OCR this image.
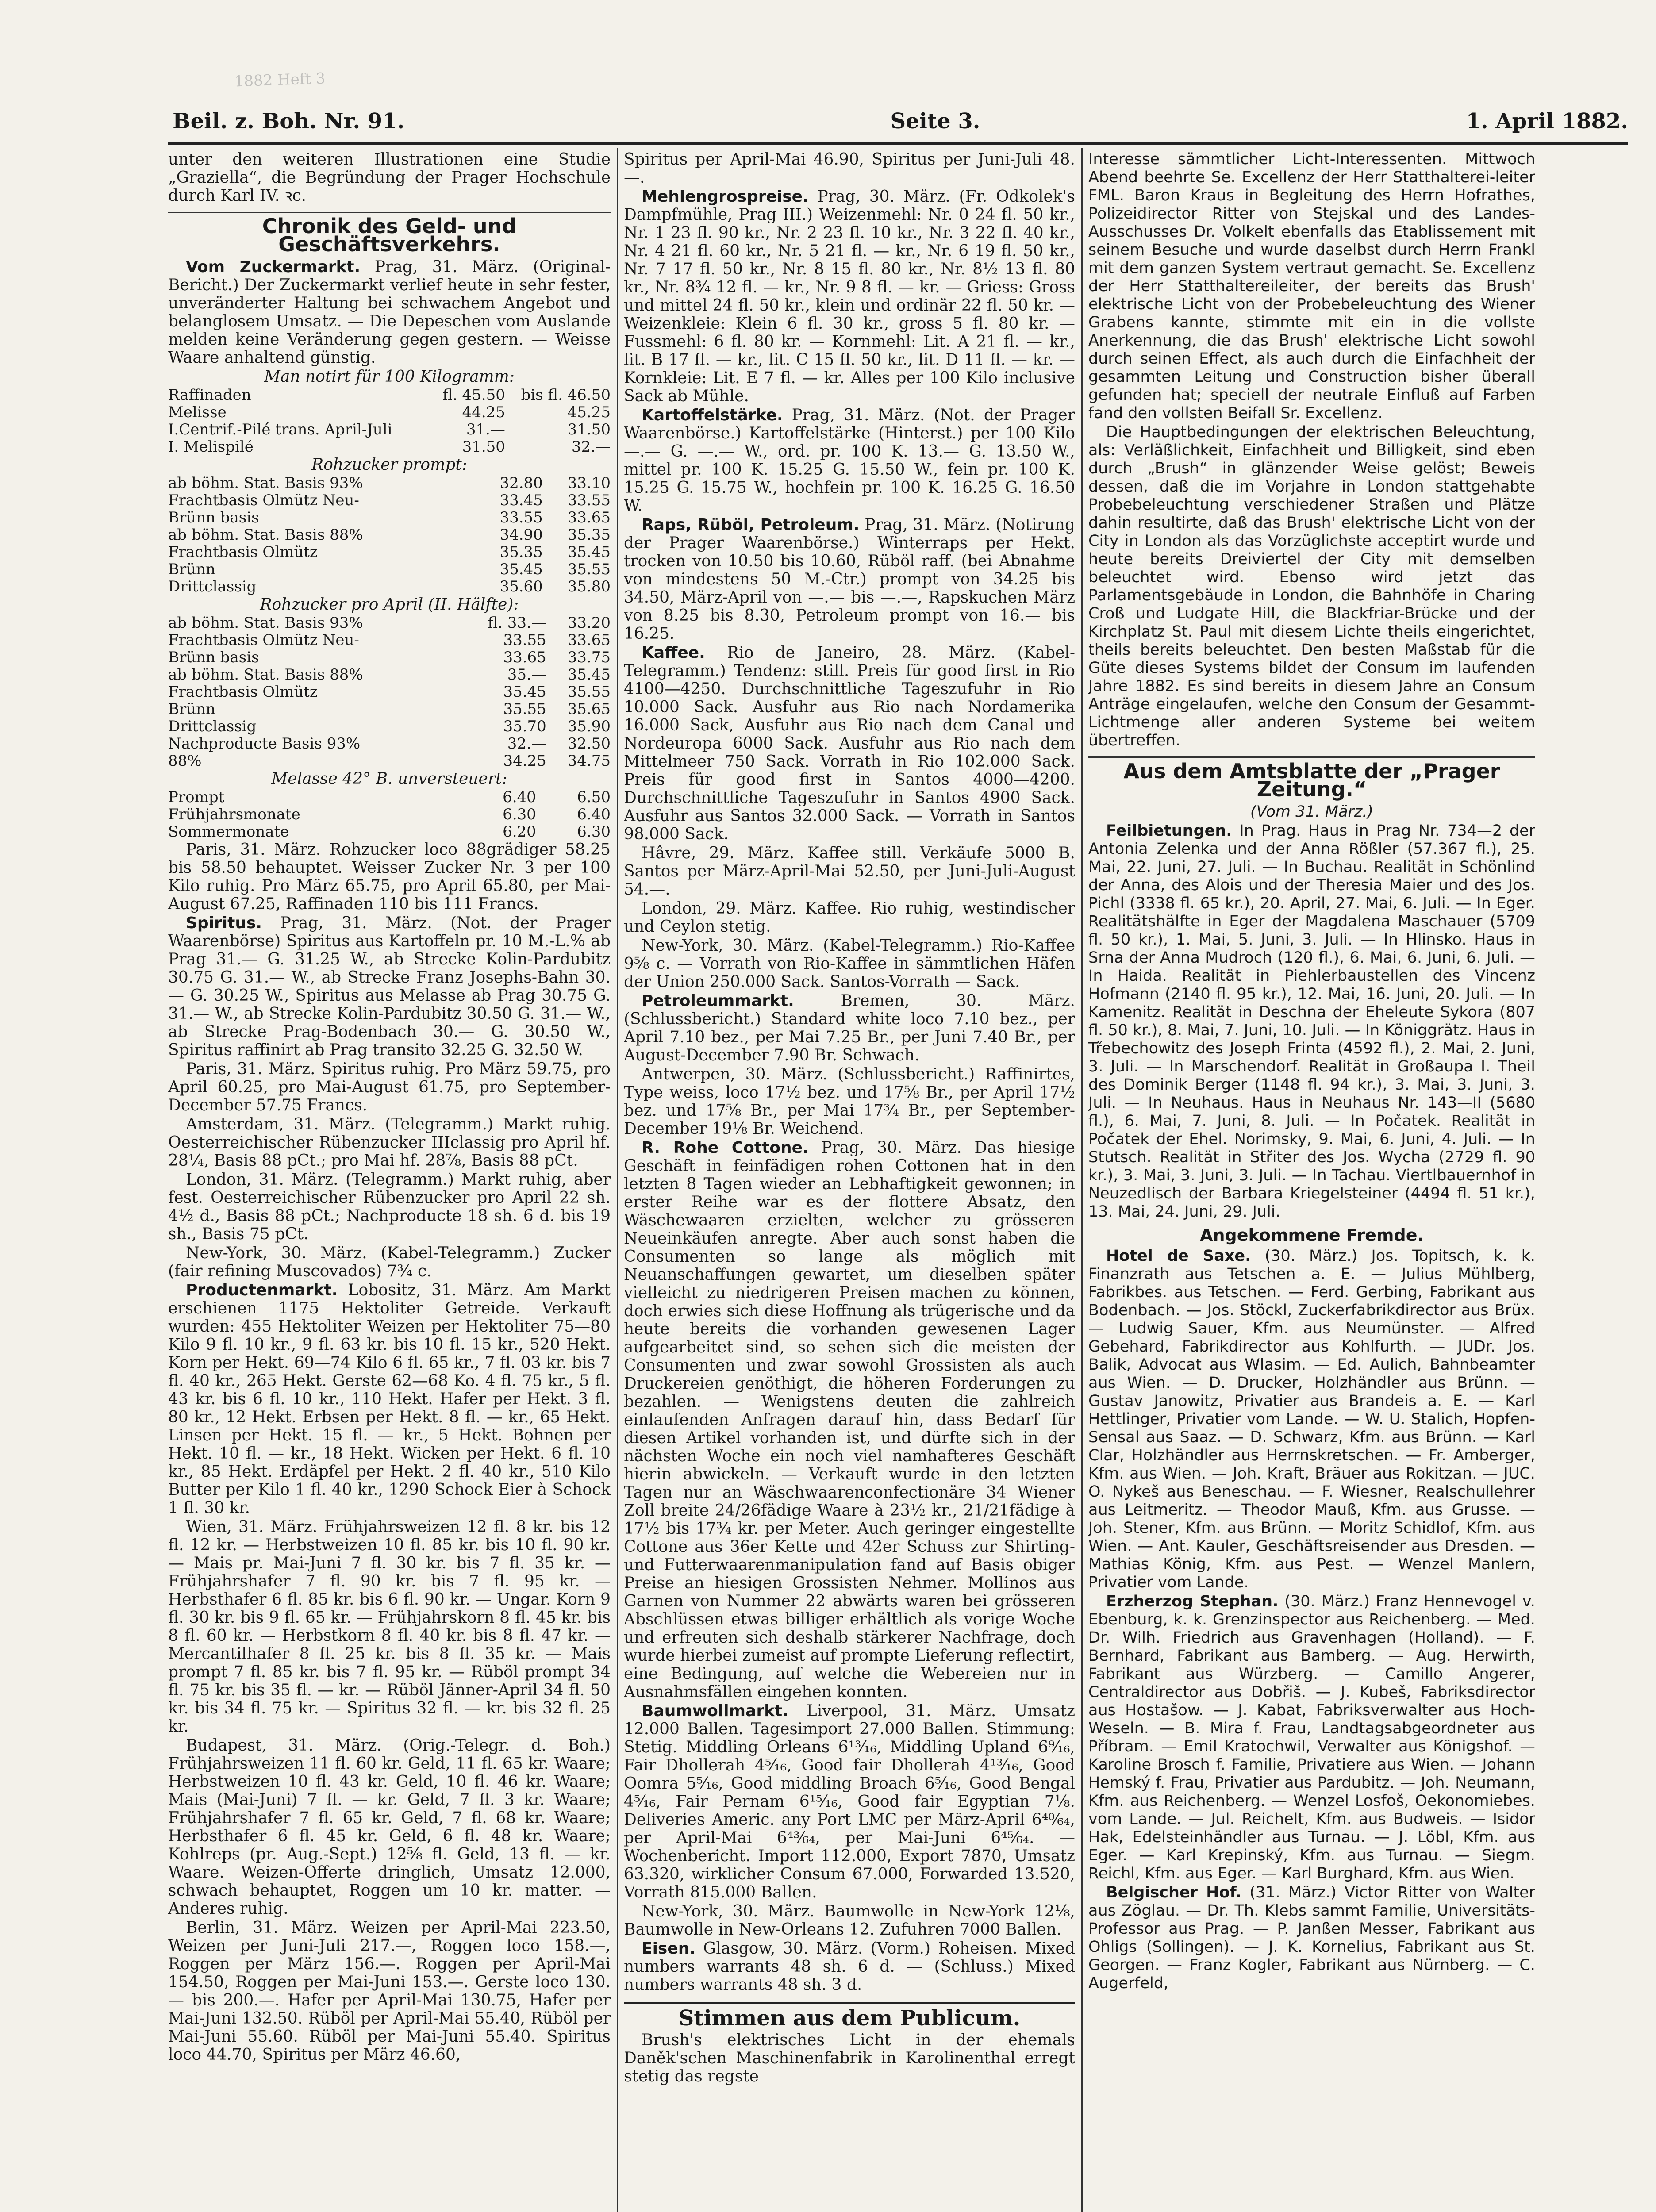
1882 Heft 3
Beil. z. Boh. Nr. 91.	Seite 3.	1. April 1882.

unter den weiteren Illustrationen eine Studie „Graziella“, die Begründung der Prager Hochschule durch Karl IV. ꝛc.

Chronik des Geld- und Geschäftsverkehrs.

Vom Zuckermarkt. Prag, 31. März. (Original-Bericht.) Der Zuckermarkt verlief heute in sehr fester, unveränderter Haltung bei schwachem Angebot und belanglosem Umsatz. — Die Depeschen vom Auslande melden keine Veränderung gegen gestern. — Weisse Waare anhaltend günstig.

Man notirt für 100 Kilogramm:

Raffinaden	fl. 45.50	bis fl. 46.50
Melisse	44.25	45.25
I.Centrif.-Pilé trans. April-Juli	31.—	31.50
I. Melispilé	31.50	32.—

Rohzucker prompt:

ab böhm. Stat. Basis 93%	32.80	33.10
Frachtbasis Olmütz Neu-	33.45	33.55
Brünn basis	33.55	33.65
ab böhm. Stat. Basis 88%	34.90	35.35
Frachtbasis Olmütz	35.35	35.45
Brünn	35.45	35.55
Drittclassig	35.60	35.80

Rohzucker pro April (II. Hälfte):

ab böhm. Stat. Basis 93%	fl. 33.—	33.20
Frachtbasis Olmütz Neu-	33.55	33.65
Brünn basis	33.65	33.75
ab böhm. Stat. Basis 88%	35.—	35.45
Frachtbasis Olmütz	35.45	35.55
Brünn	35.55	35.65
Drittclassig	35.70	35.90
Nachproducte Basis 93%	32.—	32.50
88%	34.25	34.75

Melasse 42° B. unversteuert:

Prompt	6.40	6.50
Frühjahrsmonate	6.30	6.40
Sommermonate	6.20	6.30

Paris, 31. März. Rohzucker loco 88grädiger 58.25 bis 58.50 behauptet. Weisser Zucker Nr. 3 per 100 Kilo ruhig. Pro März 65.75, pro April 65.80, per Mai-August 67.25, Raffinaden 110 bis 111 Francs.

Spiritus. Prag, 31. März. (Not. der Prager Waarenbörse) Spiritus aus Kartoffeln pr. 10 M.-L.% ab Prag 31.— G. 31.25 W., ab Strecke Kolin-Pardubitz 30.75 G. 31.— W., ab Strecke Franz Josephs-Bahn 30.— G. 30.25 W., Spiritus aus Melasse ab Prag 30.75 G. 31.— W., ab Strecke Kolin-Pardubitz 30.50 G. 31.— W., ab Strecke Prag-Bodenbach 30.— G. 30.50 W., Spiritus raffinirt ab Prag transito 32.25 G. 32.50 W.

Paris, 31. März. Spiritus ruhig. Pro März 59.75, pro April 60.25, pro Mai-August 61.75, pro September-December 57.75 Francs.

Amsterdam, 31. März. (Telegramm.) Markt ruhig. Oesterreichischer Rübenzucker IIIclassig pro April hf. 28¼, Basis 88 pCt.; pro Mai hf. 28⅞, Basis 88 pCt.

London, 31. März. (Telegramm.) Markt ruhig, aber fest. Oesterreichischer Rübenzucker pro April 22 sh. 4½ d., Basis 88 pCt.; Nachproducte 18 sh. 6 d. bis 19 sh., Basis 75 pCt.

New-York, 30. März. (Kabel-Telegramm.) Zucker (fair refining Muscovados) 7¾ c.

Productenmarkt. Lobositz, 31. März. Am Markt erschienen 1175 Hektoliter Getreide. Verkauft wurden: 455 Hektoliter Weizen per Hektoliter 75—80 Kilo 9 fl. 10 kr., 9 fl. 63 kr. bis 10 fl. 15 kr., 520 Hekt. Korn per Hekt. 69—74 Kilo 6 fl. 65 kr., 7 fl. 03 kr. bis 7 fl. 40 kr., 265 Hekt. Gerste 62—68 Ko. 4 fl. 75 kr., 5 fl. 43 kr. bis 6 fl. 10 kr., 110 Hekt. Hafer per Hekt. 3 fl. 80 kr., 12 Hekt. Erbsen per Hekt. 8 fl. — kr., 65 Hekt. Linsen per Hekt. 15 fl. — kr., 5 Hekt. Bohnen per Hekt. 10 fl. — kr., 18 Hekt. Wicken per Hekt. 6 fl. 10 kr., 85 Hekt. Erdäpfel per Hekt. 2 fl. 40 kr., 510 Kilo Butter per Kilo 1 fl. 40 kr., 1290 Schock Eier à Schock 1 fl. 30 kr.

Wien, 31. März. Frühjahrsweizen 12 fl. 8 kr. bis 12 fl. 12 kr. — Herbstweizen 10 fl. 85 kr. bis 10 fl. 90 kr. — Mais pr. Mai-Juni 7 fl. 30 kr. bis 7 fl. 35 kr. — Frühjahrshafer 7 fl. 90 kr. bis 7 fl. 95 kr. — Herbsthafer 6 fl. 85 kr. bis 6 fl. 90 kr. — Ungar. Korn 9 fl. 30 kr. bis 9 fl. 65 kr. — Frühjahrskorn 8 fl. 45 kr. bis 8 fl. 60 kr. — Herbstkorn 8 fl. 40 kr. bis 8 fl. 47 kr. — Mercantilhafer 8 fl. 25 kr. bis 8 fl. 35 kr. — Mais prompt 7 fl. 85 kr. bis 7 fl. 95 kr. — Rüböl prompt 34 fl. 75 kr. bis 35 fl. — kr. — Rüböl Jänner-April 34 fl. 50 kr. bis 34 fl. 75 kr. — Spiritus 32 fl. — kr. bis 32 fl. 25 kr.

Budapest, 31. März. (Orig.-Telegr. d. Boh.) Frühjahrsweizen 11 fl. 60 kr. Geld, 11 fl. 65 kr. Waare; Herbstweizen 10 fl. 43 kr. Geld, 10 fl. 46 kr. Waare; Mais (Mai-Juni) 7 fl. — kr. Geld, 7 fl. 3 kr. Waare; Frühjahrshafer 7 fl. 65 kr. Geld, 7 fl. 68 kr. Waare; Herbsthafer 6 fl. 45 kr. Geld, 6 fl. 48 kr. Waare; Kohlreps (pr. Aug.-Sept.) 12⅝ fl. Geld, 13 fl. — kr. Waare. Weizen-Offerte dringlich, Umsatz 12.000, schwach behauptet, Roggen um 10 kr. matter. — Anderes ruhig.

Berlin, 31. März. Weizen per April-Mai 223.50, Weizen per Juni-Juli 217.—, Roggen loco 158.—, Roggen per März 156.—. Roggen per April-Mai 154.50, Roggen per Mai-Juni 153.—. Gerste loco 130.— bis 200.—. Hafer per April-Mai 130.75, Hafer per Mai-Juni 132.50. Rüböl per April-Mai 55.40, Rüböl per Mai-Juni 55.60. Rüböl per Mai-Juni 55.40. Spiritus loco 44.70, Spiritus per März 46.60,

Spiritus per April-Mai 46.90, Spiritus per Juni-Juli 48.—.

Mehlengrospreise. Prag, 30. März. (Fr. Odkolek's Dampfmühle, Prag III.) Weizenmehl: Nr. 0 24 fl. 50 kr., Nr. 1 23 fl. 90 kr., Nr. 2 23 fl. 10 kr., Nr. 3 22 fl. 40 kr., Nr. 4 21 fl. 60 kr., Nr. 5 21 fl. — kr., Nr. 6 19 fl. 50 kr., Nr. 7 17 fl. 50 kr., Nr. 8 15 fl. 80 kr., Nr. 8½ 13 fl. 80 kr., Nr. 8¾ 12 fl. — kr., Nr. 9 8 fl. — kr. — Griess: Gross und mittel 24 fl. 50 kr., klein und ordinär 22 fl. 50 kr. — Weizenkleie: Klein 6 fl. 30 kr., gross 5 fl. 80 kr. — Fussmehl: 6 fl. 80 kr. — Kornmehl: Lit. A 21 fl. — kr., lit. B 17 fl. — kr., lit. C 15 fl. 50 kr., lit. D 11 fl. — kr. — Kornkleie: Lit. E 7 fl. — kr. Alles per 100 Kilo inclusive Sack ab Mühle.

Kartoffelstärke. Prag, 31. März. (Not. der Prager Waarenbörse.) Kartoffelstärke (Hinterst.) per 100 Kilo —.— G. —.— W., ord. pr. 100 K. 13.— G. 13.50 W., mittel pr. 100 K. 15.25 G. 15.50 W., fein pr. 100 K. 15.25 G. 15.75 W., hochfein pr. 100 K. 16.25 G. 16.50 W.

Raps, Rüböl, Petroleum. Prag, 31. März. (Notirung der Prager Waarenbörse.) Winterraps per Hekt. trocken von 10.50 bis 10.60, Rüböl raff. (bei Abnahme von mindestens 50 M.-Ctr.) prompt von 34.25 bis 34.50, März-April von —.— bis —.—, Rapskuchen März von 8.25 bis 8.30, Petroleum prompt von 16.— bis 16.25.

Kaffee. Rio de Janeiro, 28. März. (Kabel-Telegramm.) Tendenz: still. Preis für good first in Rio 4100—4250. Durchschnittliche Tageszufuhr in Rio 10.000 Sack. Ausfuhr aus Rio nach Nordamerika 16.000 Sack, Ausfuhr aus Rio nach dem Canal und Nordeuropa 6000 Sack. Ausfuhr aus Rio nach dem Mittelmeer 750 Sack. Vorrath in Rio 102.000 Sack. Preis für good first in Santos 4000—4200. Durchschnittliche Tageszufuhr in Santos 4900 Sack. Ausfuhr aus Santos 32.000 Sack. — Vorrath in Santos 98.000 Sack.

Hâvre, 29. März. Kaffee still. Verkäufe 5000 B. Santos per März-April-Mai 52.50, per Juni-Juli-August 54.—.

London, 29. März. Kaffee. Rio ruhig, westindischer und Ceylon stetig.

New-York, 30. März. (Kabel-Telegramm.) Rio-Kaffee 9⅝ c. — Vorrath von Rio-Kaffee in sämmtlichen Häfen der Union 250.000 Sack. Santos-Vorrath — Sack.

Petroleummarkt.	Bremen, 30. März. (Schlussbericht.) Standard white loco 7.10 bez., per April 7.10 bez., per Mai 7.25 Br., per Juni 7.40 Br., per August-December 7.90 Br. Schwach.

Antwerpen, 30. März. (Schlussbericht.) Raffinirtes, Type weiss, loco 17½ bez. und 17⅝ Br., per April 17½ bez. und 17⅝ Br., per Mai 17¾ Br., per September-December 19⅛ Br. Weichend.

R. Rohe Cottone. Prag, 30. März. Das hiesige Geschäft in feinfädigen rohen Cottonen hat in den letzten 8 Tagen wieder an Lebhaftigkeit gewonnen; in erster Reihe war es der flottere Absatz, den Wäschewaaren erzielten, welcher zu grösseren Neueinkäufen anregte. Aber auch sonst haben die Consumenten so lange als möglich mit Neuanschaffungen gewartet, um dieselben später vielleicht zu niedrigeren Preisen machen zu können, doch erwies sich diese Hoffnung als trügerische und da heute bereits die vorhanden gewesenen Lager aufgearbeitet sind, so sehen sich die meisten der Consumenten und zwar sowohl Grossisten als auch Druckereien genöthigt, die höheren Forderungen zu bezahlen. — Wenigstens deuten die zahlreich einlaufenden Anfragen darauf hin, dass Bedarf für diesen Artikel vorhanden ist, und dürfte sich in der nächsten Woche ein noch viel namhafteres Geschäft hierin abwickeln. — Verkauft wurde in den letzten Tagen nur an Wäschwaarenconfectionäre 34 Wiener Zoll breite 24/26fädige Waare à 23½ kr., 21/21fädige à 17½ bis 17¾ kr. per Meter. Auch geringer eingestellte Cottone aus 36er Kette und 42er Schuss zur Shirting- und Futterwaarenmanipulation fand auf Basis obiger Preise an hiesigen Grossisten Nehmer. Mollinos aus Garnen von Nummer 22 abwärts waren bei grösseren Abschlüssen etwas billiger erhältlich als vorige Woche und erfreuten sich deshalb stärkerer Nachfrage, doch wurde hierbei zumeist auf prompte Lieferung reflectirt, eine Bedingung, auf welche die Webereien nur in Ausnahmsfällen eingehen konnten.

Baumwollmarkt. Liverpool, 31. März. Umsatz 12.000 Ballen. Tagesimport 27.000 Ballen. Stimmung: Stetig. Middling Orleans 6¹³⁄₁₆, Middling Upland 6⁹⁄₁₆, Fair Dhollerah 4⁵⁄₁₆, Good fair Dhollerah 4¹³⁄₁₆, Good Oomra 5⁵⁄₁₆, Good middling Broach 6⁵⁄₁₆, Good Bengal 4⁵⁄₁₆, Fair Pernam 6¹⁵⁄₁₆, Good fair Egyptian 7⅛. Deliveries Americ. any Port LMC per März-April 6⁴⁰⁄₆₄, per April-Mai 6⁴³⁄₆₄, per Mai-Juni 6⁴⁵⁄₆₄. — Wochenbericht. Import 112.000, Export 7870, Umsatz 63.320, wirklicher Consum 67.000, Forwarded 13.520, Vorrath 815.000 Ballen.

New-York, 30. März. Baumwolle in New-York 12⅛, Baumwolle in New-Orleans 12. Zufuhren 7000 Ballen.

Eisen. Glasgow, 30. März. (Vorm.) Roheisen. Mixed numbers warrants 48 sh. 6 d. — (Schluss.) Mixed numbers warrants 48 sh. 3 d.

Stimmen aus dem Publicum.

Brush's elektrisches Licht in der ehemals Daněk'schen Maschinenfabrik in Karolinenthal erregt stetig das regste

Interesse sämmtlicher Licht-Interessenten. Mittwoch Abend beehrte Se. Excellenz der Herr Statthalterei-leiter FML. Baron Kraus in Begleitung des Herrn Hofrathes, Polizeidirector Ritter von Stejskal und des Landes-Ausschusses Dr. Volkelt ebenfalls das Etablissement mit seinem Besuche und wurde daselbst durch Herrn Frankl mit dem ganzen System vertraut gemacht. Se. Excellenz der Herr Statthaltereileiter, der bereits das Brush' elektrische Licht von der Probebeleuchtung des Wiener Grabens kannte, stimmte mit ein in die vollste Anerkennung, die das Brush' elektrische Licht sowohl durch seinen Effect, als auch durch die Einfachheit der gesammten Leitung und Construction bisher überall gefunden hat; speciell der neutrale Einfluß auf Farben fand den vollsten Beifall Sr. Excellenz.

Die Hauptbedingungen der elektrischen Beleuchtung, als: Verläßlichkeit, Einfachheit und Billigkeit, sind eben durch „Brush“ in glänzender Weise gelöst; Beweis dessen, daß die im Vorjahre in London stattgehabte Probebeleuchtung verschiedener Straßen und Plätze dahin resultirte, daß das Brush' elektrische Licht von der City in London als das Vorzüglichste acceptirt wurde und heute bereits Dreiviertel der City mit demselben beleuchtet wird. Ebenso wird jetzt das Parlamentsgebäude in London, die Bahnhöfe in Charing Croß und Ludgate Hill, die Blackfriar-Brücke und der Kirchplatz St. Paul mit diesem Lichte theils eingerichtet, theils bereits beleuchtet. Den besten Maßstab für die Güte dieses Systems bildet der Consum im laufenden Jahre 1882. Es sind bereits in diesem Jahre an Consum Anträge eingelaufen, welche den Consum der Gesammt-Lichtmenge aller anderen Systeme bei weitem übertreffen.

Aus dem Amtsblatte der „Prager Zeitung.“

(Vom 31. März.)

Feilbietungen. In Prag. Haus in Prag Nr. 734—2 der Antonia Zelenka und der Anna Rößler (57.367 fl.), 25. Mai, 22. Juni, 27. Juli. — In Buchau. Realität in Schönlind der Anna, des Alois und der Theresia Maier und des Jos. Pichl (3338 fl. 65 kr.), 20. April, 27. Mai, 6. Juli. — In Eger. Realitätshälfte in Eger der Magdalena Maschauer (5709 fl. 50 kr.), 1. Mai, 5. Juni, 3. Juli. — In Hlinsko. Haus in Srna der Anna Mudroch (120 fl.), 6. Mai, 6. Juni, 6. Juli. — In Haida. Realität in Piehlerbaustellen des Vincenz Hofmann (2140 fl. 95 kr.), 12. Mai, 16. Juni, 20. Juli. — In Kamenitz. Realität in Deschna der Eheleute Sykora (807 fl. 50 kr.), 8. Mai, 7. Juni, 10. Juli. — In Königgrätz. Haus in Třebechowitz des Joseph Frinta (4592 fl.), 2. Mai, 2. Juni, 3. Juli. — In Marschendorf. Realität in Großaupa I. Theil des Dominik Berger (1148 fl. 94 kr.), 3. Mai, 3. Juni, 3. Juli. — In Neuhaus. Haus in Neuhaus Nr. 143—II (5680 fl.), 6. Mai, 7. Juni, 8. Juli. — In Počatek. Realität in Počatek der Ehel. Norimsky, 9. Mai, 6. Juni, 4. Juli. — In Stutsch. Realität in Střiter des Jos. Wycha (2729 fl. 90 kr.), 3. Mai, 3. Juni, 3. Juli. — In Tachau. Viertlbauernhof in Neuzedlisch der Barbara Kriegelsteiner (4494 fl. 51 kr.), 13. Mai, 24. Juni, 29. Juli.

Angekommene Fremde.

Hotel de Saxe. (30. März.) Jos. Topitsch, k. k. Finanzrath aus Tetschen a. E. — Julius Mühlberg, Fabrikbes. aus Tetschen. — Ferd. Gerbing, Fabrikant aus Bodenbach. — Jos. Stöckl, Zuckerfabrikdirector aus Brüx. — Ludwig Sauer, Kfm. aus Neumünster. — Alfred Gebehard, Fabrikdirector aus Kohlfurth. — JUDr. Jos. Balik, Advocat aus Wlasim. — Ed. Aulich, Bahnbeamter aus Wien. — D. Drucker, Holzhändler aus Brünn. — Gustav Janowitz, Privatier aus Brandeis a. E. — Karl Hettlinger, Privatier vom Lande. — W. U. Stalich, Hopfen-Sensal aus Saaz. — D. Schwarz, Kfm. aus Brünn. — Karl Clar, Holzhändler aus Herrnskretschen. — Fr. Amberger, Kfm. aus Wien. — Joh. Kraft, Bräuer aus Rokitzan. — JUC. O. Nykeš aus Beneschau. — F. Wiesner, Realschullehrer aus Leitmeritz. — Theodor Mauß, Kfm. aus Grusse. — Joh. Stener, Kfm. aus Brünn. — Moritz Schidlof, Kfm. aus Wien. — Ant. Kauler, Geschäftsreisender aus Dresden. — Mathias König, Kfm. aus Pest. — Wenzel Manlern, Privatier vom Lande.

Erzherzog Stephan. (30. März.) Franz Hennevogel v. Ebenburg, k. k. Grenzinspector aus Reichenberg. — Med. Dr. Wilh. Friedrich aus Gravenhagen (Holland). — F. Bernhard, Fabrikant aus Bamberg. — Aug. Herwirth, Fabrikant aus Würzberg. — Camillo Angerer, Centraldirector aus Dobřiš. — J. Kubeš, Fabriksdirector aus Hostašow. — J. Kabat, Fabriksverwalter aus Hoch-Weseln. — B. Mira f. Frau, Landtagsabgeordneter aus Příbram. — Emil Kratochwil, Verwalter aus Königshof. — Karoline Brosch f. Familie, Privatiere aus Wien. — Johann Hemský f. Frau, Privatier aus Pardubitz. — Joh. Neumann, Kfm. aus Reichenberg. — Wenzel Losfoš, Oekonomiebes. vom Lande. — Jul. Reichelt, Kfm. aus Budweis. — Isidor Hak, Edelsteinhändler aus Turnau. — J. Löbl, Kfm. aus Eger. — Karl Krepinský, Kfm. aus Turnau. — Siegm. Reichl, Kfm. aus Eger. — Karl Burghard, Kfm. aus Wien.

Belgischer Hof. (31. März.) Victor Ritter von Walter aus Zöglau. — Dr. Th. Klebs sammt Familie, Universitäts-Professor aus Prag. — P. Janßen Messer, Fabrikant aus Ohligs (Sollingen). — J. K. Kornelius, Fabrikant aus St. Georgen. — Franz Kogler, Fabrikant aus Nürnberg. — C. Augerfeld,
